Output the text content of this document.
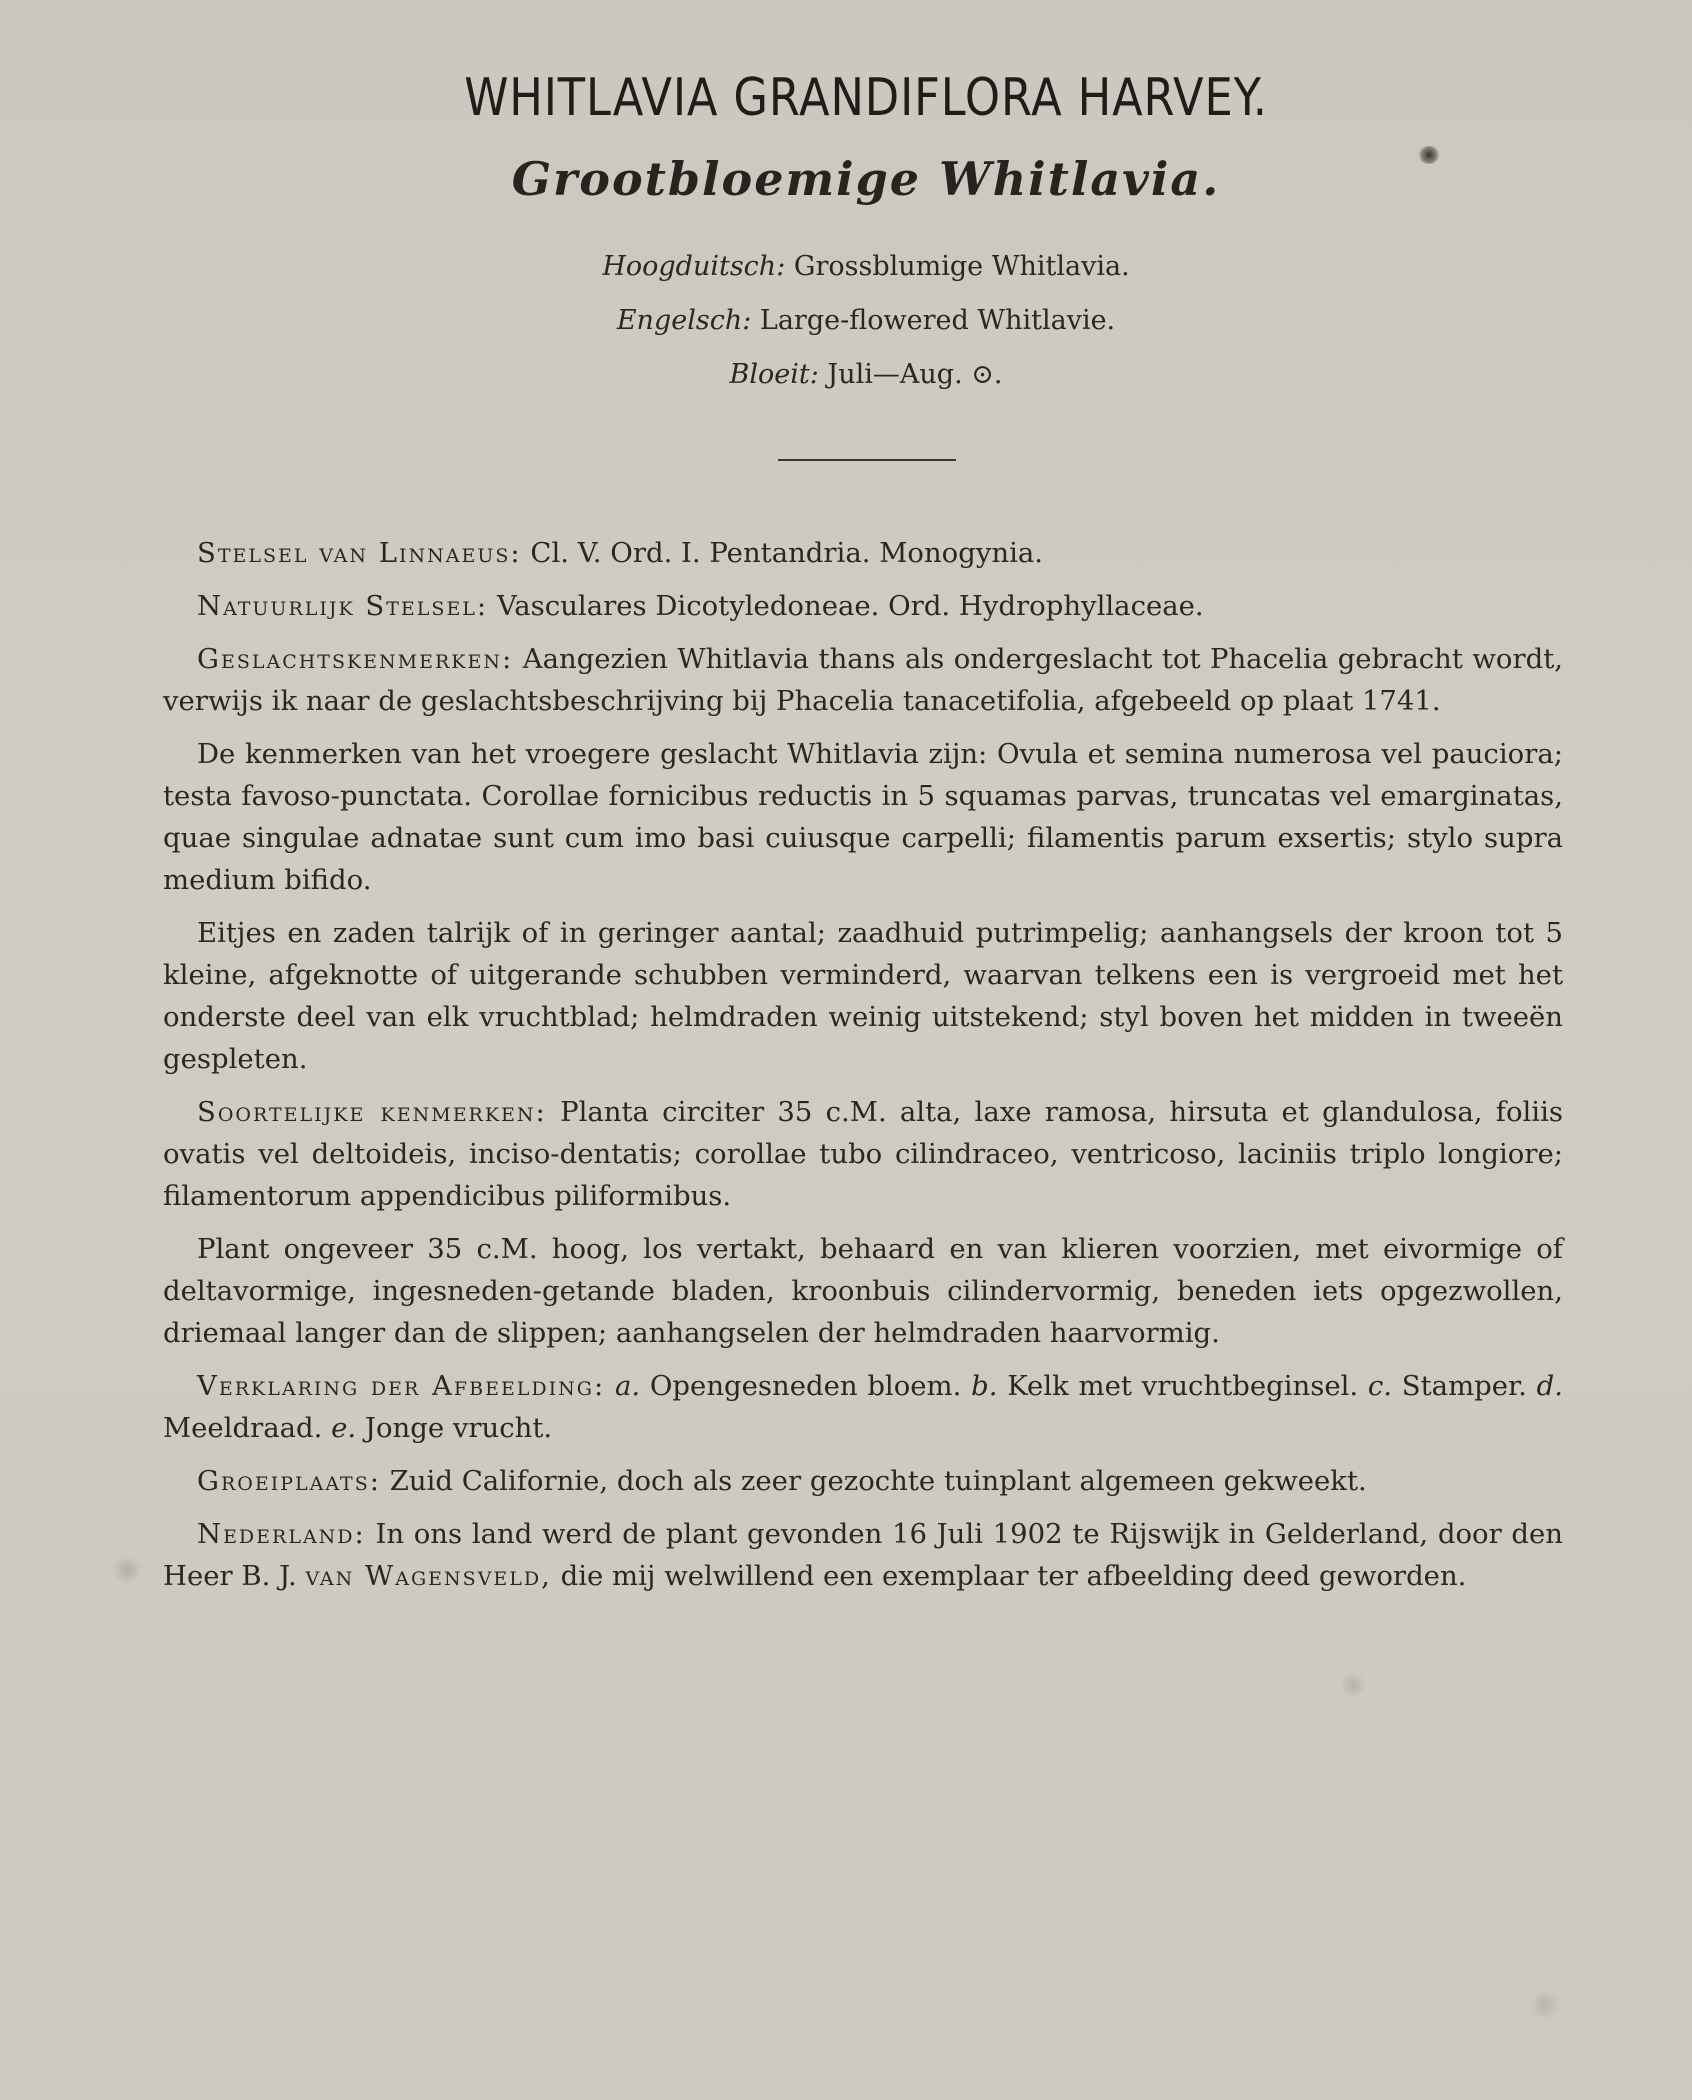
WHITLAVIA GRANDIFLORA HARVEY.
Grootbloemige Whitlavia.
Hoogduitsch: Grossblumige Whitlavia.
Engelsch: Large-flowered Whitlavie.
Bloeit: Juli—Aug. ⊙.

Stelsel van Linnaeus: Cl. V. Ord. I. Pentandria. Monogynia.

Natuurlijk Stelsel: Vasculares Dicotyledoneae. Ord. Hydrophyllaceae.

Geslachtskenmerken: Aangezien Whitlavia thans als ondergeslacht tot Phacelia gebracht wordt, verwijs ik naar de geslachtsbeschrijving bij Phacelia tanacetifolia, afgebeeld op plaat 1741.

De kenmerken van het vroegere geslacht Whitlavia zijn: Ovula et semina numerosa vel pauciora; testa favoso-punctata. Corollae fornicibus reductis in 5 squamas parvas, truncatas vel emarginatas, quae singulae adnatae sunt cum imo basi cuiusque carpelli; filamentis parum exsertis; stylo supra medium bifido.

Eitjes en zaden talrijk of in geringer aantal; zaadhuid putrimpelig; aanhangsels der kroon tot 5 kleine, afgeknotte of uitgerande schubben verminderd, waarvan telkens een is vergroeid met het onderste deel van elk vruchtblad; helmdraden weinig uitstekend; styl boven het midden in tweeën gespleten.

Soortelijke kenmerken: Planta circiter 35 c.M. alta, laxe ramosa, hirsuta et glandulosa, foliis ovatis vel deltoideis, inciso-dentatis; corollae tubo cilindraceo, ventricoso, laciniis triplo longiore; filamentorum appendicibus piliformibus.

Plant ongeveer 35 c.M. hoog, los vertakt, behaard en van klieren voorzien, met eivormige of deltavormige, ingesneden-getande bladen, kroonbuis cilindervormig, beneden iets opgezwollen, driemaal langer dan de slippen; aanhangselen der helmdraden haarvormig.

Verklaring der Afbeelding: a. Opengesneden bloem. b. Kelk met vruchtbeginsel. c. Stamper. d. Meeldraad. e. Jonge vrucht.

Groeiplaats: Zuid Californie, doch als zeer gezochte tuinplant algemeen gekweekt.

Nederland: In ons land werd de plant gevonden 16 Juli 1902 te Rijswijk in Gelderland, door den Heer B. J. van Wagensveld, die mij welwillend een exemplaar ter afbeelding deed geworden.
